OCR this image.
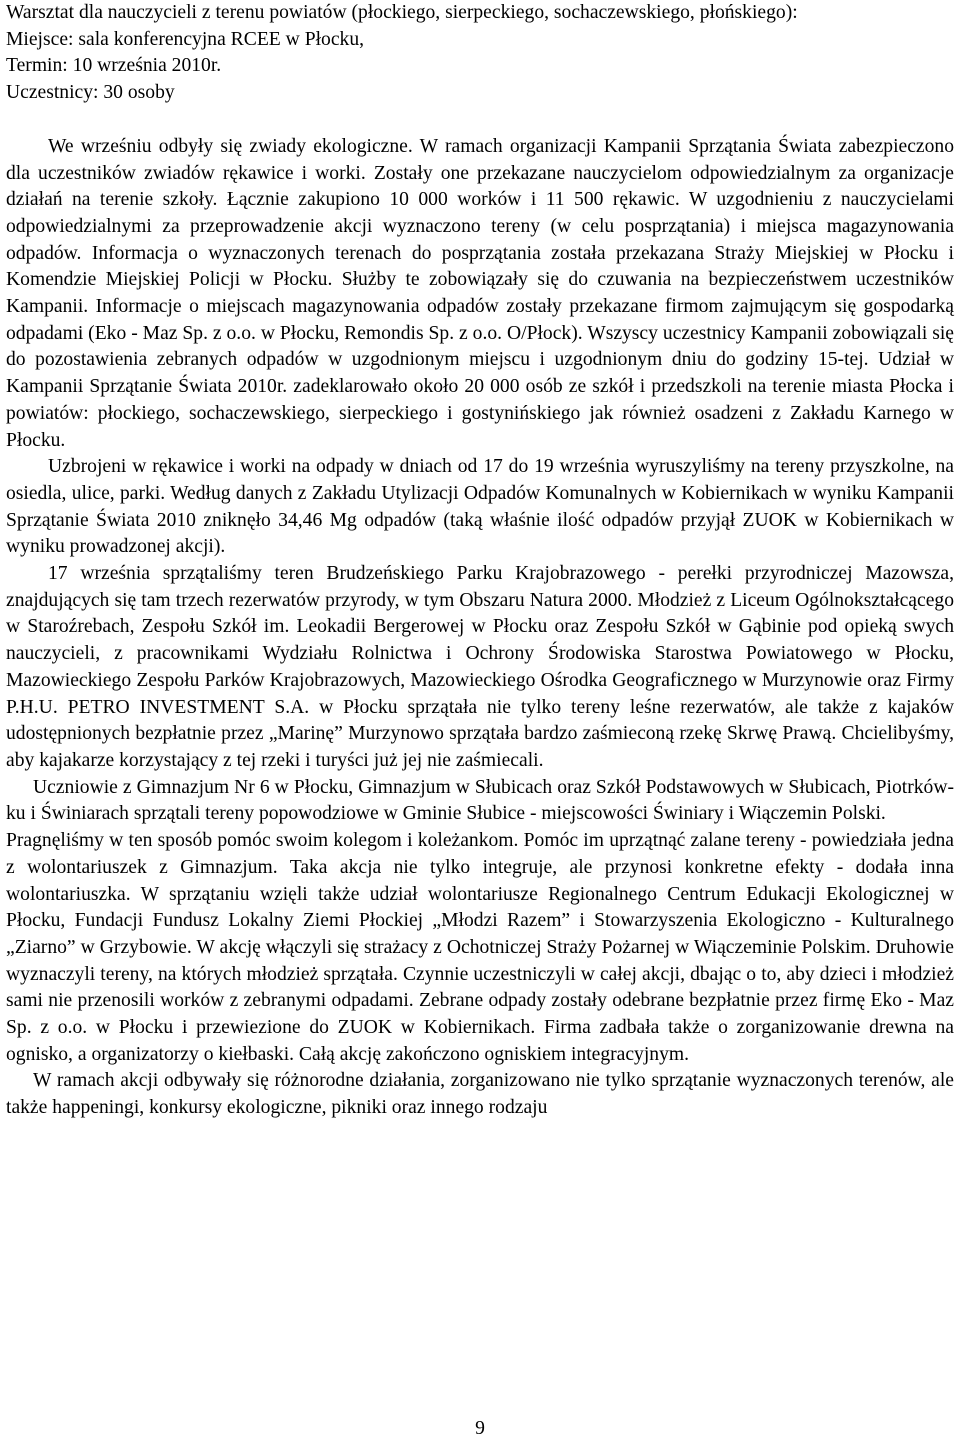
Warsztat dla nauczycieli z terenu powiatów (płockiego, sierpeckiego, sochaczewskiego, płońskiego):

Miejsce: sala konferencyjna RCEE w Płocku,

Termin: 10 września 2010r.

Uczestnicy: 30 osoby

We wrześniu odbyły się zwiady ekologiczne. W ramach organizacji Kampanii Sprzątania Świata zabezpieczono dla uczestników zwiadów rękawice i worki. Zostały one przekazane nauczycielom odpowiedzialnym za organizacje działań na terenie szkoły. Łącznie zakupiono 10 000 worków i 11 500 rękawic. W uzgodnieniu z nauczycielami odpowiedzialnymi za przeprowadzenie akcji wyznaczono tereny (w celu posprzątania) i miejsca magazynowania odpadów. Informacja o wyznaczonych terenach do posprzątania została przekazana Straży Miejskiej w Płocku i Komendzie Miejskiej Policji w Płocku. Służby te zobowiązały się do czuwania na bezpieczeństwem uczestników Kampanii. Informacje o miejscach magazynowania odpadów zostały przekazane firmom zajmującym się gospodarką odpadami (Eko - Maz Sp. z o.o. w Płocku, Remondis Sp. z o.o. O/Płock). Wszyscy uczestnicy Kampanii zobowiązali się do pozostawienia zebranych odpadów w uzgodnionym miejscu i uzgodnionym dniu do godziny 15-tej. Udział w Kampanii Sprzątanie Świata 2010r. zadeklarowało około 20 000 osób ze szkół i przedszkoli na terenie miasta Płocka i powiatów: płockiego, sochaczewskiego, sierpeckiego i gostynińskiego jak również osadzeni z Zakładu Karnego w Płocku.

Uzbrojeni w rękawice i worki na odpady w dniach od 17 do 19 września wyruszyliśmy na tereny przyszkolne, na osiedla, ulice, parki. Według danych z Zakładu Utylizacji Odpadów Komunalnych w Kobiernikach w wyniku Kampanii Sprzątanie Świata 2010 zniknęło 34,46 Mg odpadów (taką właśnie ilość odpadów przyjął ZUOK w Kobiernikach w wyniku prowadzonej akcji).

17 września sprzątaliśmy teren Brudzeńskiego Parku Krajobrazowego - perełki przyrodniczej Mazowsza, znajdujących się tam trzech rezerwatów przyrody, w tym Obszaru Natura 2000. Młodzież z Liceum Ogólnokształcącego w Staroźrebach, Zespołu Szkół im. Leokadii Bergerowej w Płocku oraz Zespołu Szkół w Gąbinie pod opieką swych nauczycieli, z pracownikami Wydziału Rolnictwa i Ochrony Środowiska Starostwa Powiatowego w Płocku, Mazowieckiego Zespołu Parków Krajobrazowych, Mazowieckiego Ośrodka Geograficznego w Murzynowie oraz Firmy P.H.U. PETRO INVESTMENT S.A. w Płocku sprzątała nie tylko tereny leśne rezerwatów, ale także z kajaków udostępnionych bezpłatnie przez „Marinę” Murzynowo sprzątała bardzo zaśmieconą rzekę Skrwę Prawą. Chcielibyśmy, aby kajakarze korzystający z tej rzeki i turyści już jej nie zaśmiecali.

Uczniowie z Gimnazjum Nr 6 w Płocku, Gimnazjum w Słubicach oraz Szkół Podstawowych w Słubicach, Piotrków-ku i Świniarach sprzątali tereny popowodziowe w Gminie Słubice - miejscowości Świniary i Wiączemin Polski.

Pragnęliśmy w ten sposób pomóc swoim kolegom i koleżankom. Pomóc im uprzątnąć zalane tereny - powiedziała jedna z wolontariuszek z Gimnazjum. Taka akcja nie tylko integruje, ale przynosi konkretne efekty - dodała inna wolontariuszka. W sprzątaniu wzięli także udział wolontariusze Regionalnego Centrum Edukacji Ekologicznej w Płocku, Fundacji Fundusz Lokalny Ziemi Płockiej „Młodzi Razem” i Stowarzyszenia Ekologiczno - Kulturalnego „Ziarno” w Grzybowie. W akcję włączyli się strażacy z Ochotniczej Straży Pożarnej w Wiączeminie Polskim. Druhowie wyznaczyli tereny, na których młodzież sprzątała. Czynnie uczestniczyli w całej akcji, dbając o to, aby dzieci i młodzież sami nie przenosili worków z zebranymi odpadami. Zebrane odpady zostały odebrane bezpłatnie przez firmę Eko - Maz Sp. z o.o. w Płocku i przewiezione do ZUOK w Kobiernikach. Firma zadbała także o zorganizowanie drewna na ognisko, a organizatorzy o kiełbaski. Całą akcję zakończono ogniskiem integracyjnym.

W ramach akcji odbywały się różnorodne działania, zorganizowano nie tylko sprzątanie wyznaczonych terenów, ale także happeningi, konkursy ekologiczne, pikniki oraz innego rodzaju

9
